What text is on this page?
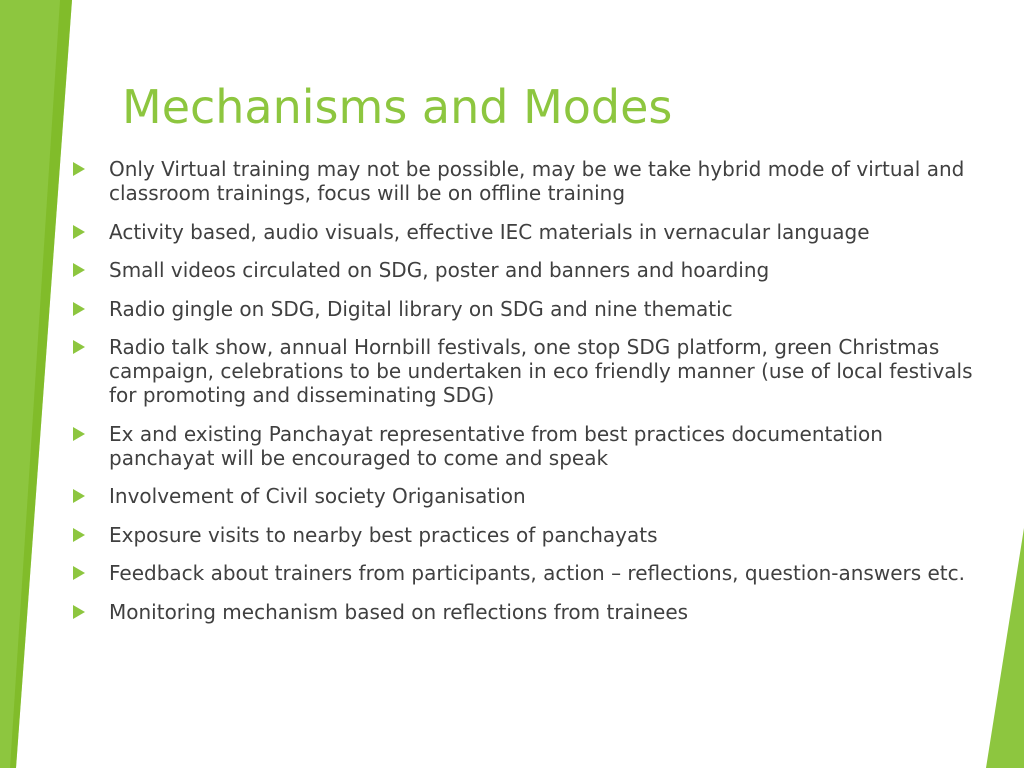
Mechanisms and Modes
Only Virtual training may not be possible, may be we take hybrid mode of virtual and classroom trainings, focus will be on offline training
Activity based, audio visuals, effective IEC materials in vernacular language
Small videos circulated on SDG, poster and banners and hoarding
Radio gingle on SDG, Digital library on SDG and nine thematic
Radio talk show, annual Hornbill festivals, one stop SDG platform, green Christmas campaign, celebrations to be undertaken in eco friendly manner (use of local festivals for promoting and disseminating SDG)
Ex and existing Panchayat representative from best practices documentation panchayat will be encouraged to come and speak
Involvement of Civil society Origanisation
Exposure visits to nearby best practices of panchayats
Feedback about trainers from participants, action – reflections, question-answers etc.
Monitoring mechanism based on reflections from trainees
